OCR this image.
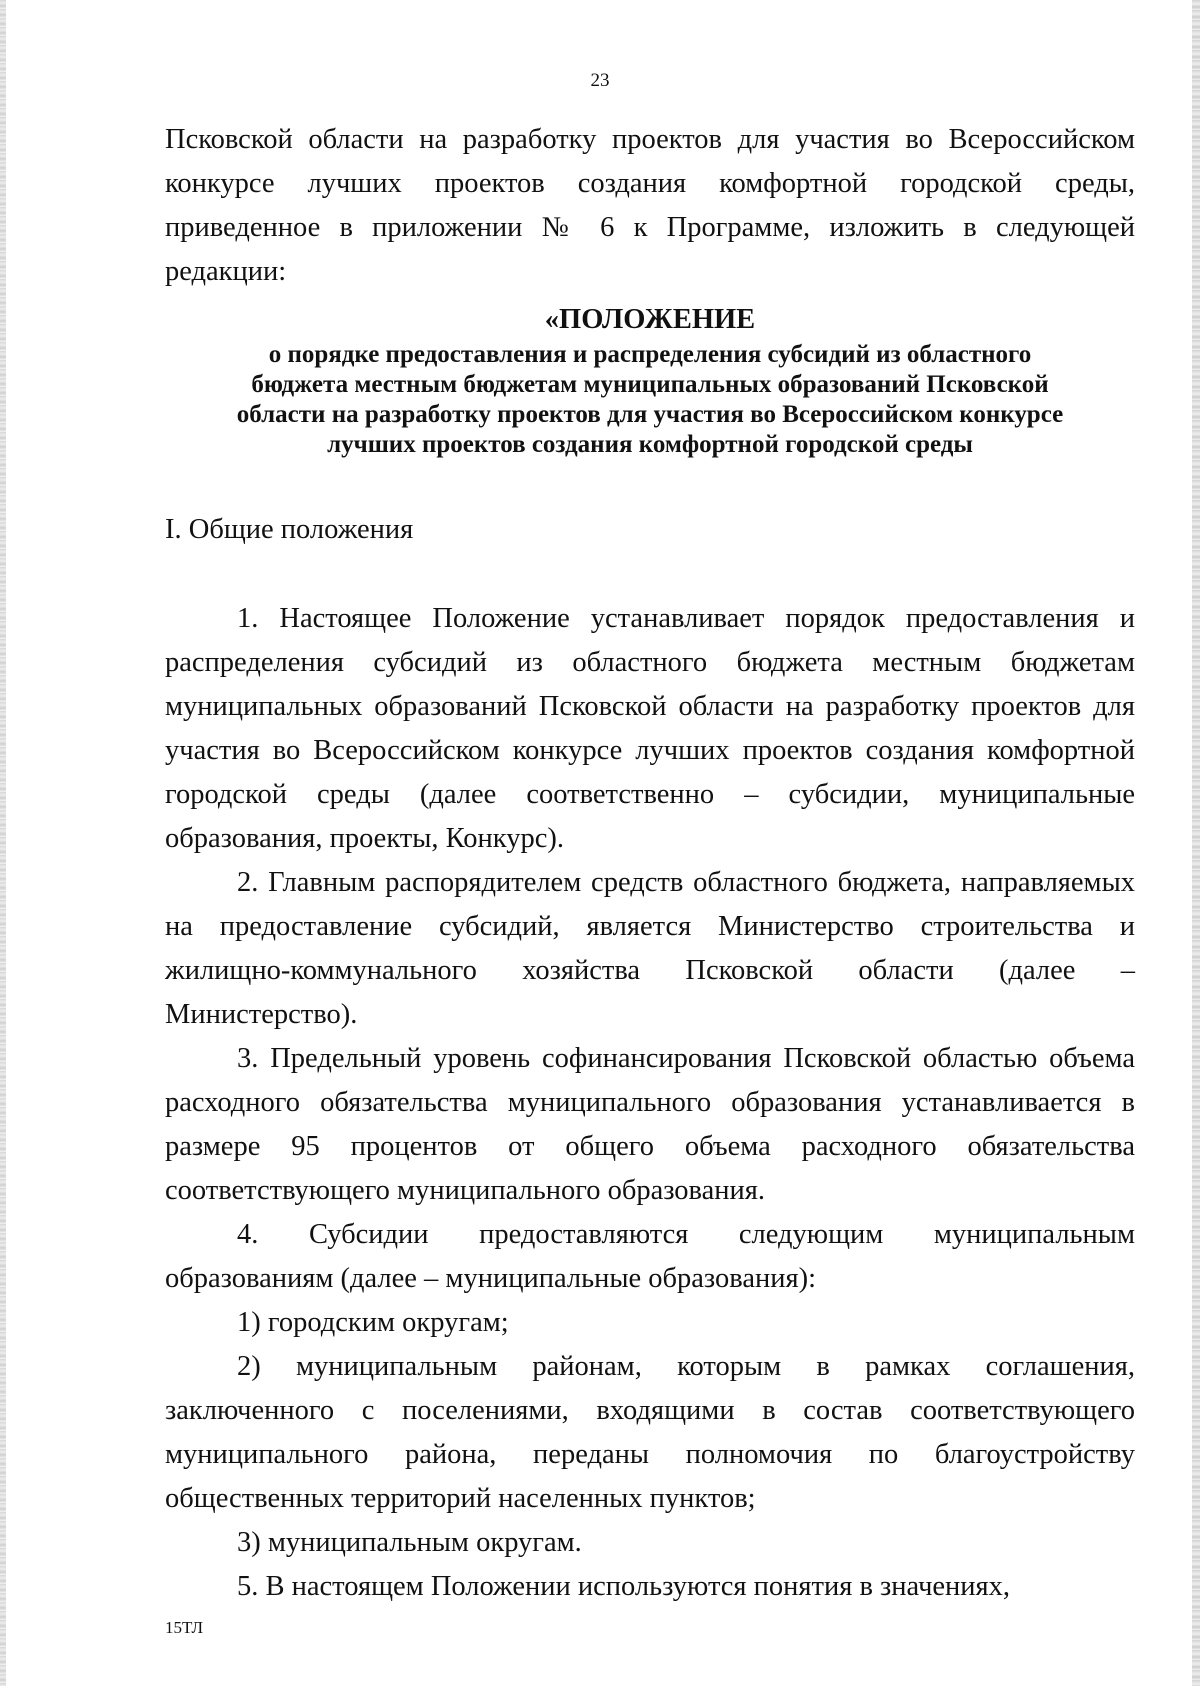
23

Псковской области на разработку проектов для участия во Всероссийском конкурсе лучших проектов создания комфортной городской среды, приведенное в приложении № 6 к Программе, изложить в следующей редакции:

«ПОЛОЖЕНИЕ

о порядке предоставления и распределения субсидий из областного

бюджета местным бюджетам муниципальных образований Псковской

области на разработку проектов для участия во Всероссийском конкурсе

лучших проектов создания комфортной городской среды

I. Общие положения

1. Настоящее Положение устанавливает порядок предоставления и распределения субсидий из областного бюджета местным бюджетам муниципальных образований Псковской области на разработку проектов для участия во Всероссийском конкурсе лучших проектов создания комфортной городской среды (далее соответственно – субсидии, муниципальные образования, проекты, Конкурс).

2. Главным распорядителем средств областного бюджета, направляемых на предоставление субсидий, является Министерство строительства и жилищно-коммунального хозяйства Псковской области (далее – Министерство).

3. Предельный уровень софинансирования Псковской областью объема расходного обязательства муниципального образования устанавливается в размере 95 процентов от общего объема расходного обязательства соответствующего муниципального образования.

4. Субсидии предоставляются следующим муниципальным образованиям (далее – муниципальные образования):

1) городским округам;

2) муниципальным районам, которым в рамках соглашения, заключенного с поселениями, входящими в состав соответствующего муниципального района, переданы полномочия по благоустройству общественных территорий населенных пунктов;

3) муниципальным округам.

5. В настоящем Положении используются понятия в значениях,

15ТЛ
